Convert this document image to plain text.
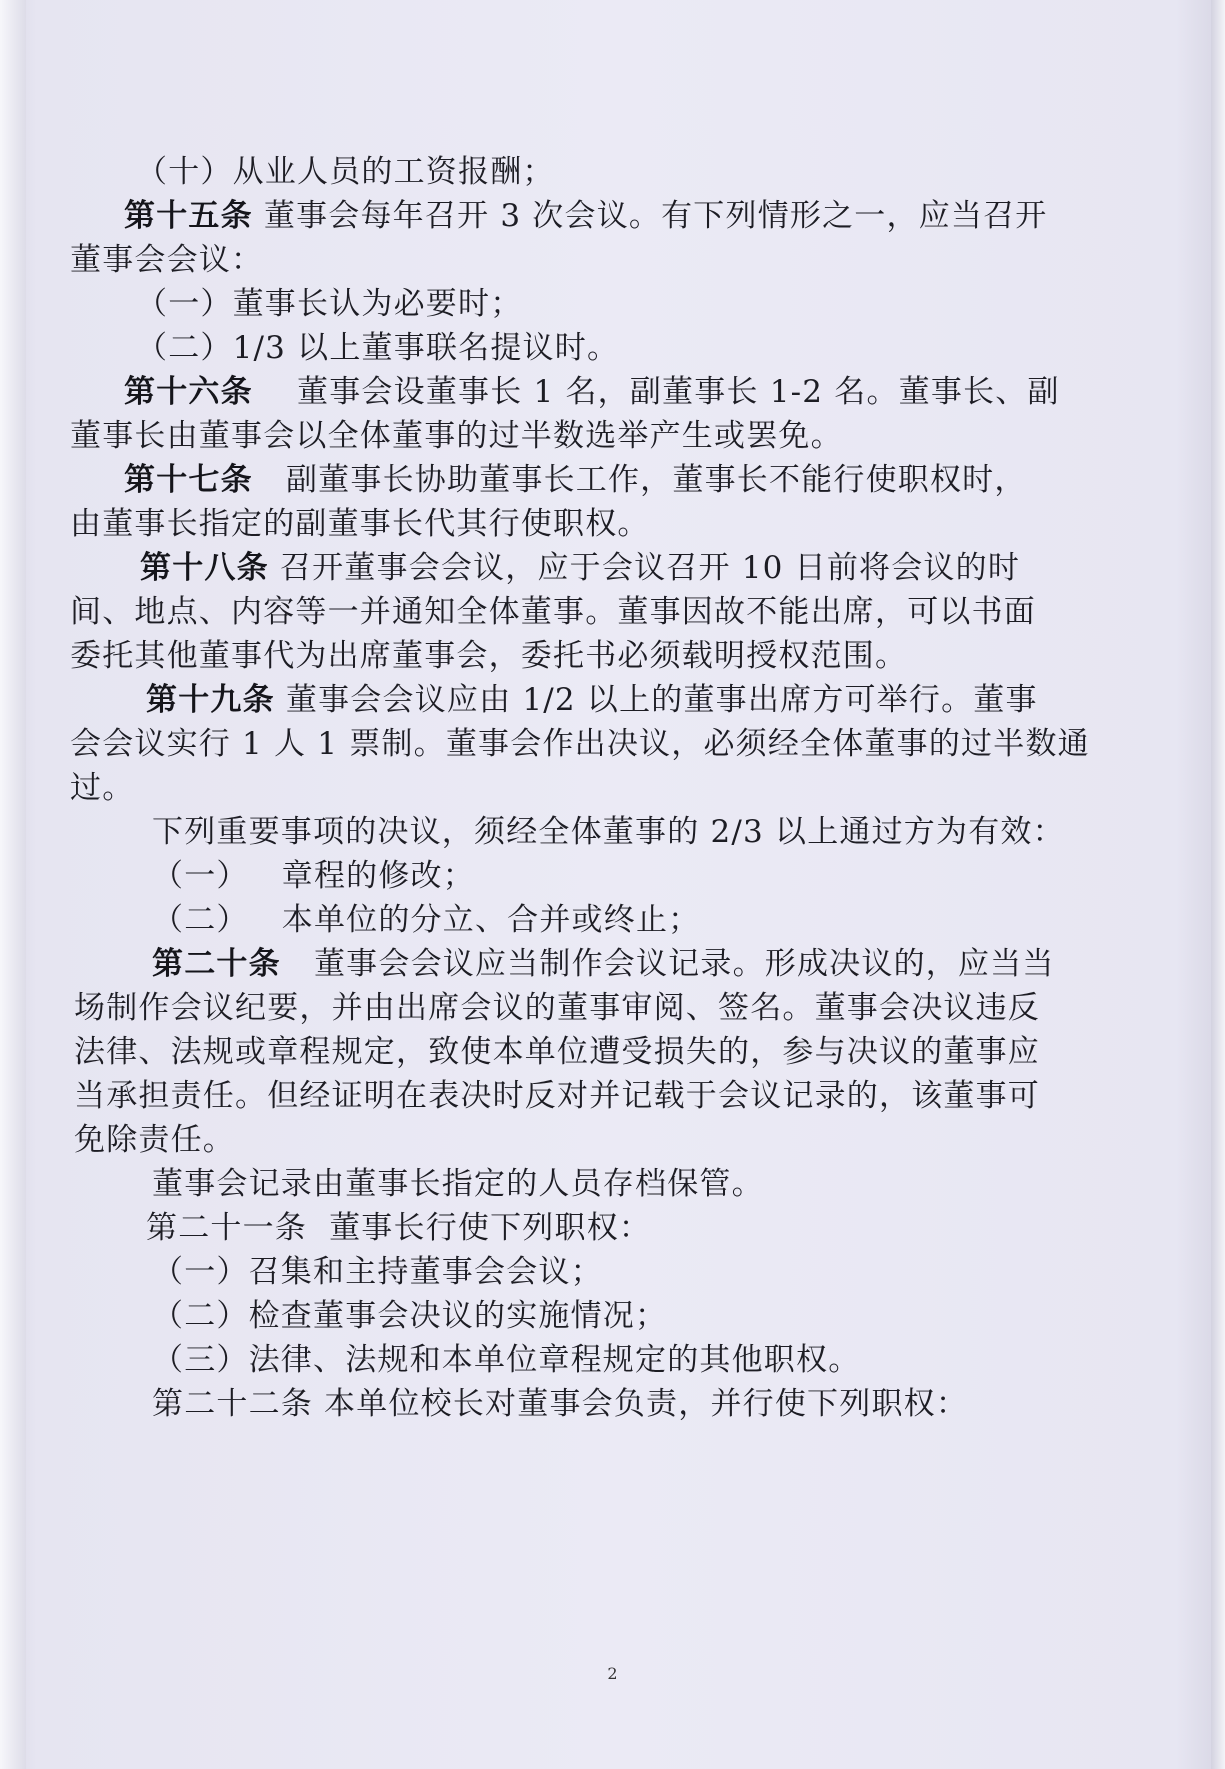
（十）从业人员的工资报酬；
第十五条 董事会每年召开 3 次会议。有下列情形之一，应当召开
董事会会议：
（一）董事长认为必要时；
（二）1/3 以上董事联名提议时。
第十六条    董事会设董事长 1 名，副董事长 1-2 名。董事长、副
董事长由董事会以全体董事的过半数选举产生或罢免。
第十七条   副董事长协助董事长工作，董事长不能行使职权时，
由董事长指定的副董事长代其行使职权。
第十八条 召开董事会会议，应于会议召开 10 日前将会议的时
间、地点、内容等一并通知全体董事。董事因故不能出席，可以书面
委托其他董事代为出席董事会，委托书必须载明授权范围。
第十九条 董事会会议应由 1/2 以上的董事出席方可举行。董事
会会议实行 1 人 1 票制。董事会作出决议，必须经全体董事的过半数通
过。
下列重要事项的决议，须经全体董事的 2/3 以上通过方为有效：
（一）   章程的修改；
（二）   本单位的分立、合并或终止；
第二十条   董事会会议应当制作会议记录。形成决议的，应当当
场制作会议纪要，并由出席会议的董事审阅、签名。董事会决议违反
法律、法规或章程规定，致使本单位遭受损失的，参与决议的董事应
当承担责任。但经证明在表决时反对并记载于会议记录的，该董事可
免除责任。
董事会记录由董事长指定的人员存档保管。
第二十一条  董事长行使下列职权：
（一）召集和主持董事会会议；
（二）检查董事会决议的实施情况；
（三）法律、法规和本单位章程规定的其他职权。
第二十二条 本单位校长对董事会负责，并行使下列职权：
2
